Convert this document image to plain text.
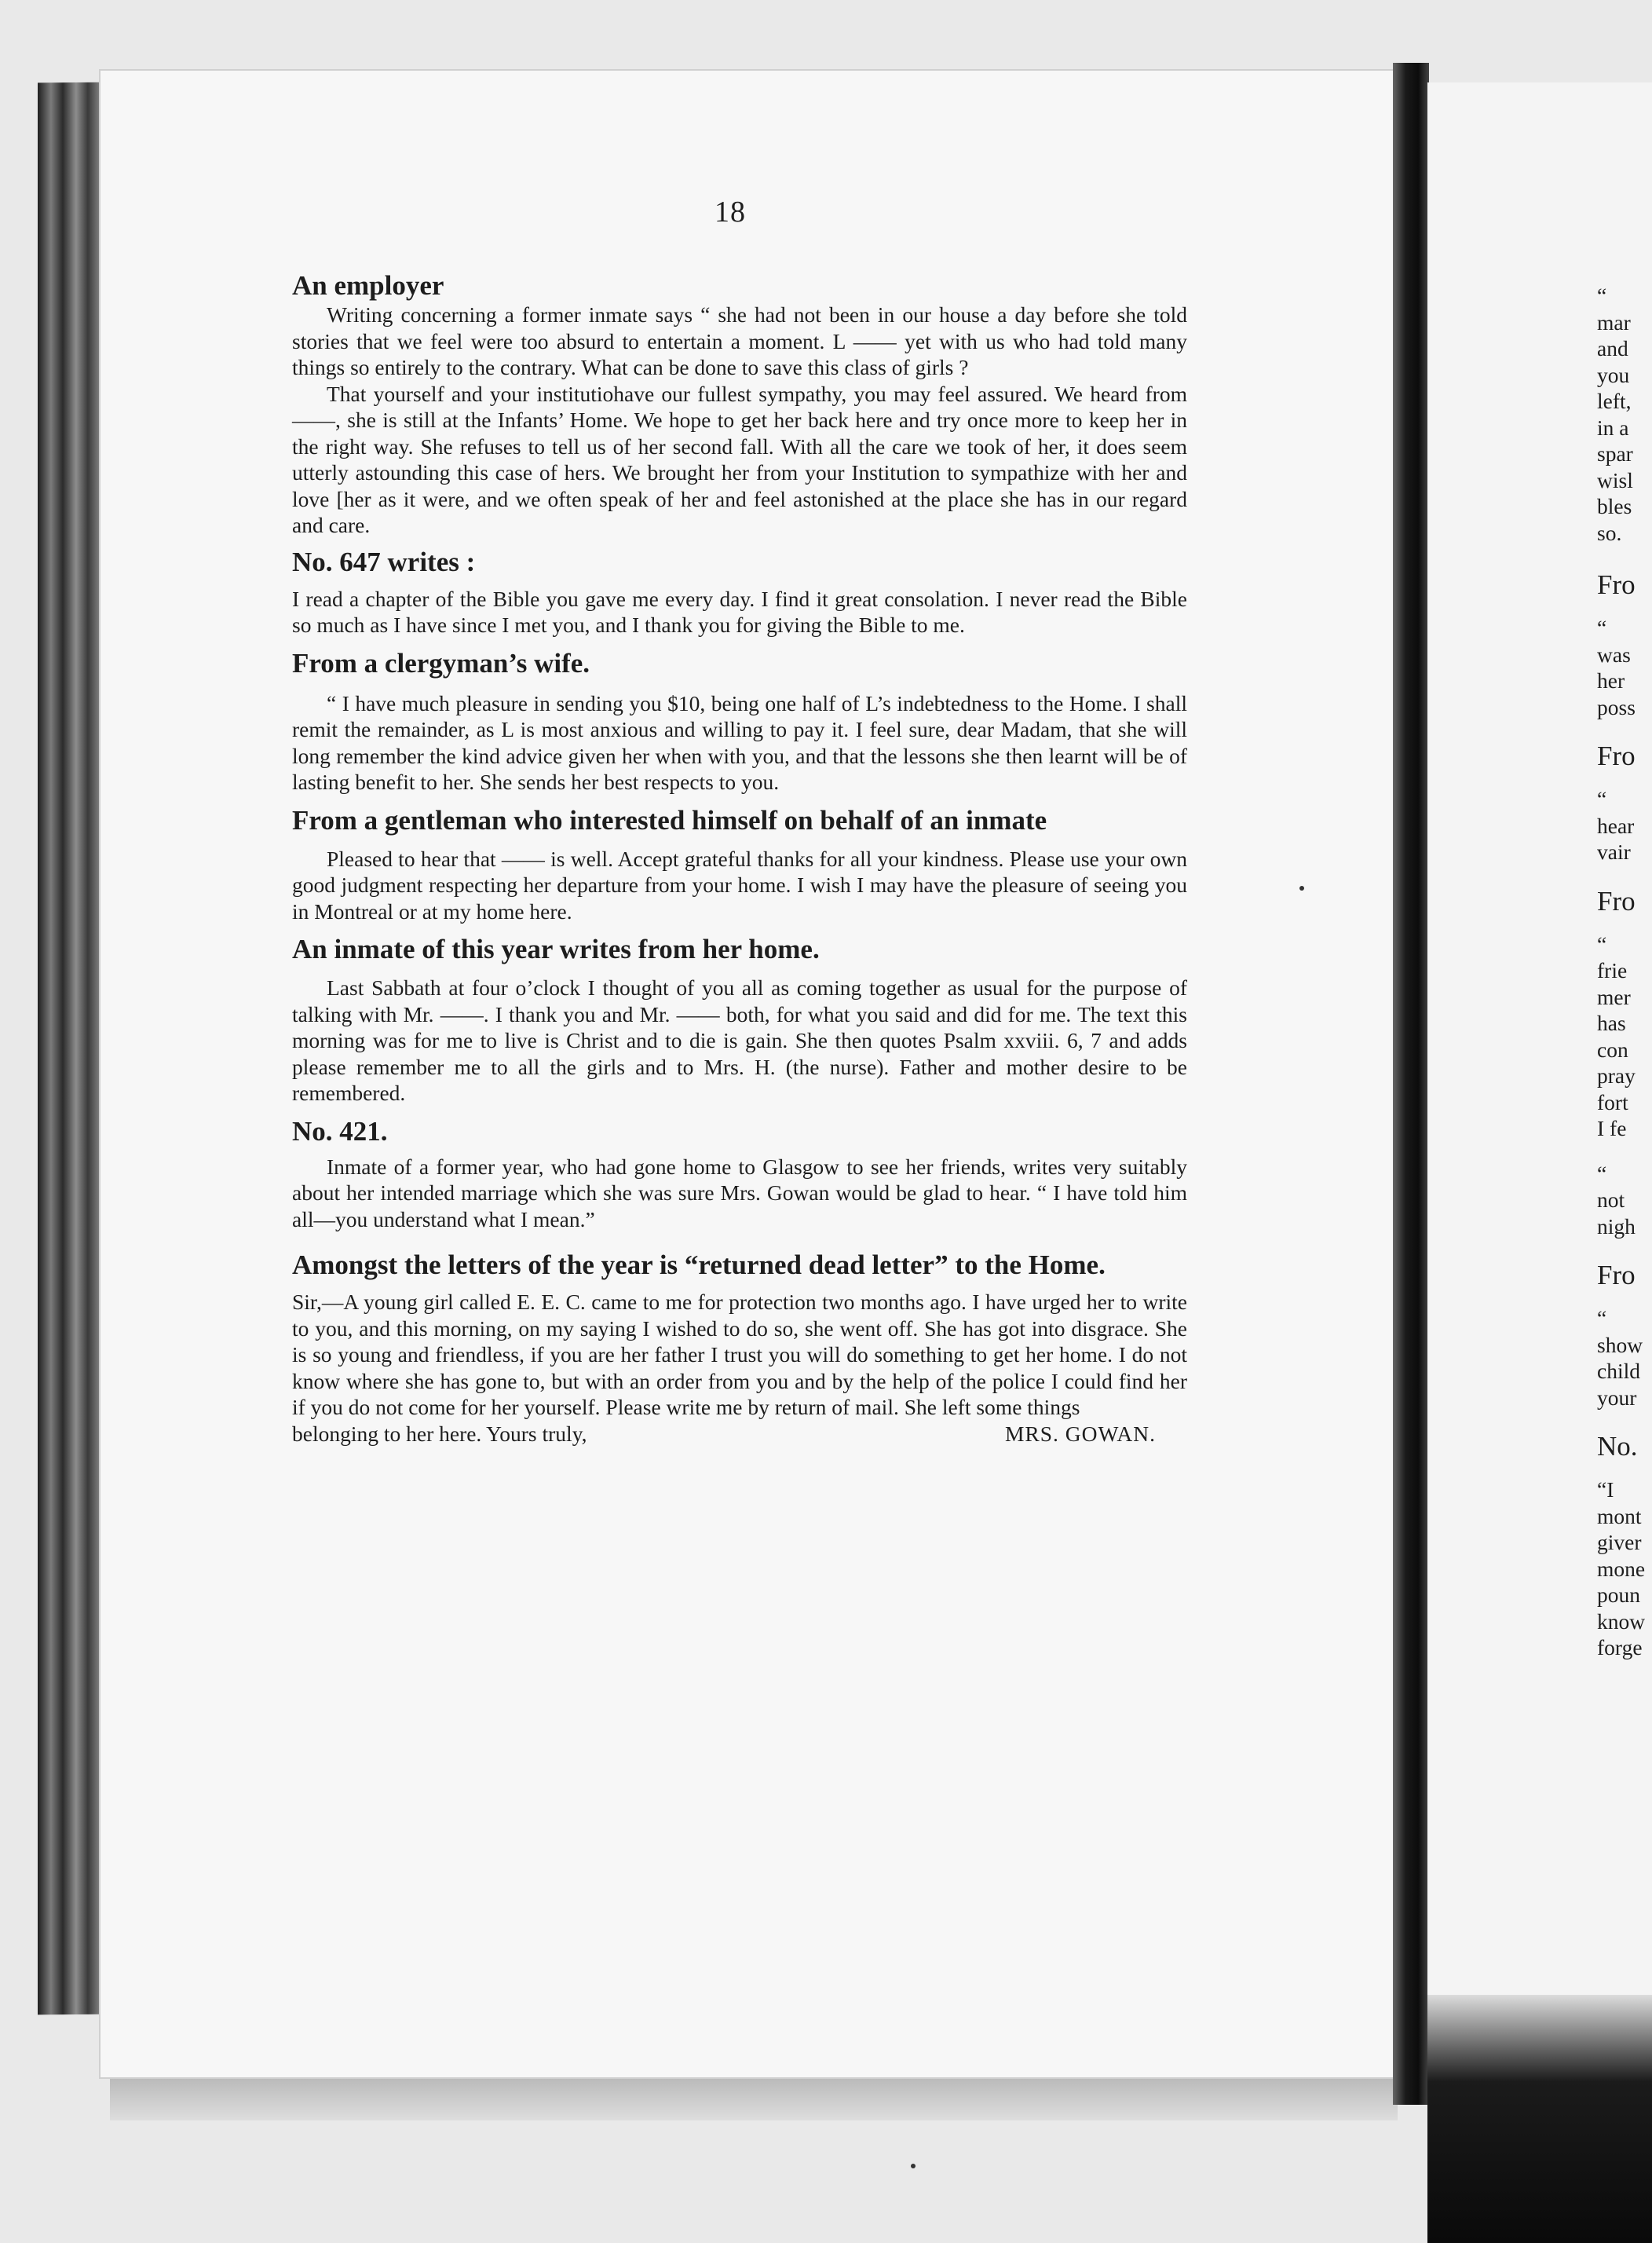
18
An employer

Writing concerning a former inmate says “ she had not been in our house a day before she told stories that we feel were too absurd to entertain a moment. L —— yet with us who had told many things so entirely to the contrary. What can be done to save this class of girls ?

That yourself and your institutiohave our fullest sympathy, you may feel assured. We heard from ——, she is still at the Infants’ Home. We hope to get her back here and try once more to keep her in the right way. She refuses to tell us of her second fall. With all the care we took of her, it does seem utterly astounding this case of hers. We brought her from your Institution to sympathize with her and love [her as it were, and we often speak of her and feel astonished at the place she has in our regard and care.

No. 647 writes :

I read a chapter of the Bible you gave me every day. I find it great consolation. I never read the Bible so much as I have since I met you, and I thank you for giving the Bible to me.

From a clergyman’s wife.

“ I have much pleasure in sending you $10, being one half of L’s indebtedness to the Home. I shall remit the remainder, as L is most anxious and willing to pay it. I feel sure, dear Madam, that she will long remember the kind advice given her when with you, and that the lessons she then learnt will be of lasting benefit to her. She sends her best respects to you.

From a gentleman who interested himself on behalf of an inmate

Pleased to hear that —— is well. Accept grateful thanks for all your kindness. Please use your own good judgment respecting her departure from your home. I wish I may have the pleasure of seeing you in Montreal or at my home here.

An inmate of this year writes from her home.

Last Sabbath at four o’clock I thought of you all as coming together as usual for the purpose of talking with Mr. ——. I thank you and Mr. —— both, for what you said and did for me. The text this morning was for me to live is Christ and to die is gain. She then quotes Psalm xxviii. 6, 7 and adds please remember me to all the girls and to Mrs. H. (the nurse). Father and mother desire to be remembered.

No. 421.

Inmate of a former year, who had gone home to Glasgow to see her friends, writes very suitably about her intended marriage which she was sure Mrs. Gowan would be glad to hear. “ I have told him all—you understand what I mean.”

Amongst the letters of the year is “returned dead letter” to the Home.

Sir,—A young girl called E. E. C. came to me for protection two months ago. I have urged her to write to you, and this morning, on my saying I wished to do so, she went off. She has got into disgrace. She is so young and friendless, if you are her father I trust you will do something to get her home. I do not know where she has gone to, but with an order from you and by the help of the police I could find her if you do not come for her yourself. Please write me by return of mail. She left some things

belonging to her here. Yours truly,	MRS. GOWAN.
“
mar
and
you
left,
in a
spar
wisl
bles
so.
Fro
“
was
her
poss
Fro
“
hear
vair
Fro
“
frie
mer
has
con
pray
fort
I fe
“
not
nigh
Fro
“
show
child
your
No.
“I
mont
giver
mone
poun
know
forge
